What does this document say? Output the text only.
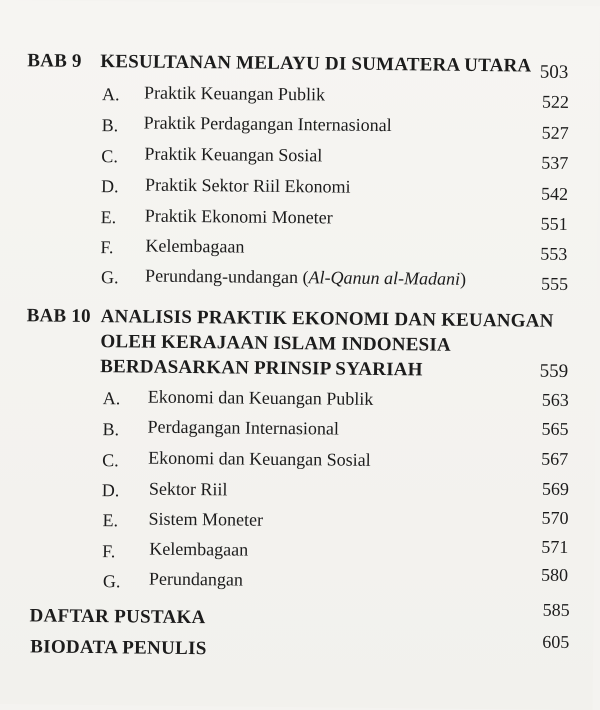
BAB 9 KESULTANAN MELAYU DI SUMATERA UTARA 503
A. Praktik Keuangan Publik	522
B. Praktik Perdagangan Internasional	527
C. Praktik Keuangan Sosial	537
D. Praktik Sektor Riil Ekonomi	542
E. Praktik Ekonomi Moneter	551
F. Kelembagaan	553
G. Perundang-undangan (Al-Qanun al-Madani)	555
BAB 10 ANALISIS PRAKTIK EKONOMI DAN KEUANGAN
OLEH KERAJAAN ISLAM INDONESIA
BERDASARKAN PRINSIP SYARIAH	559
A. Ekonomi dan Keuangan Publik	563
B. Perdagangan Internasional	565
C. Ekonomi dan Keuangan Sosial	567
D. Sektor Riil	569
E. Sistem Moneter	570
F. Kelembagaan	571
G. Perundangan	580
DAFTAR PUSTAKA	585
BIODATA PENULIS	605
